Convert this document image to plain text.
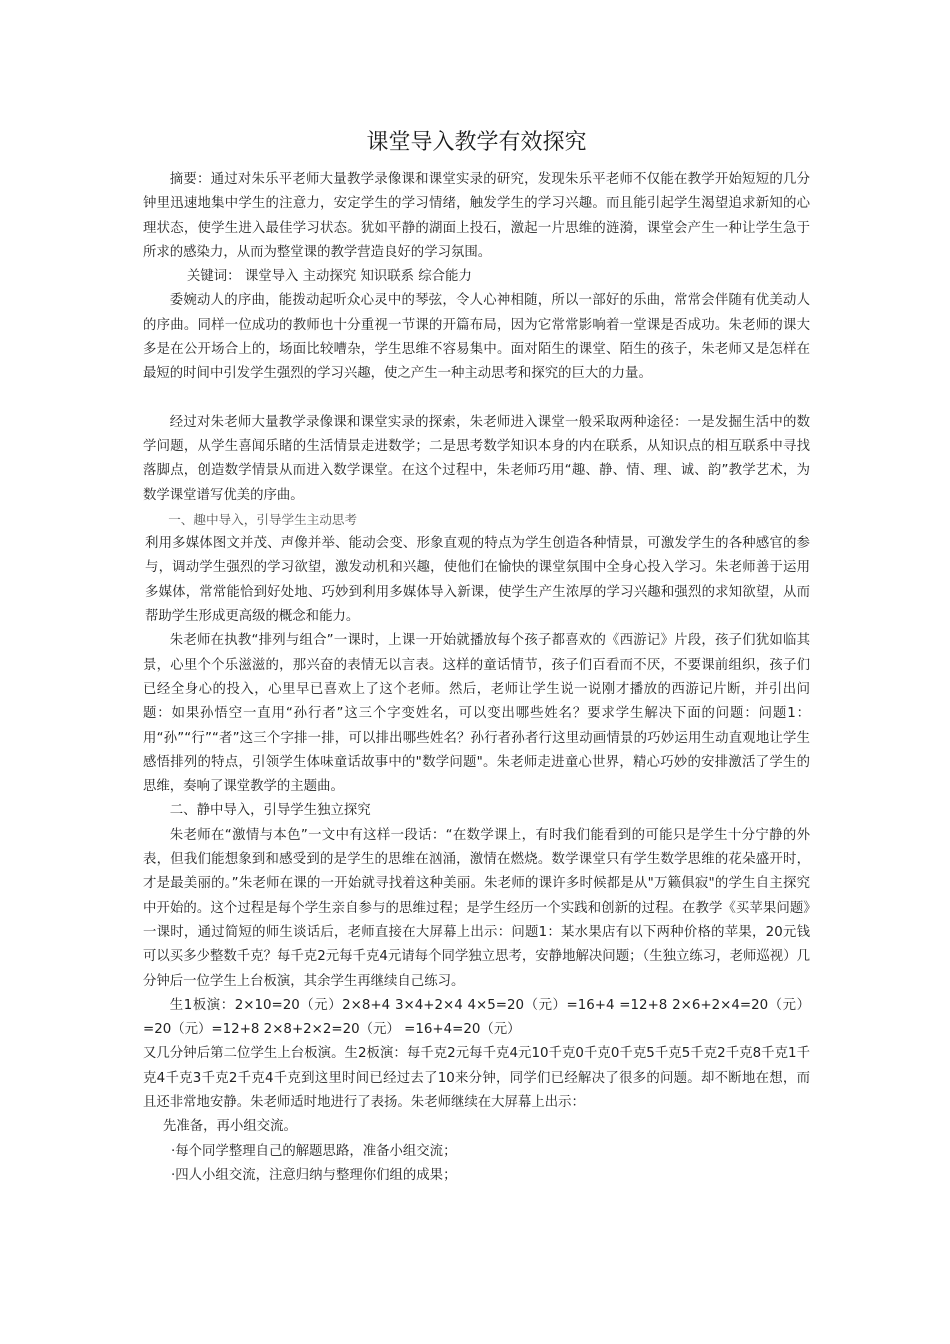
课堂导入教学有效探究

摘要：通过对朱乐平老师大量教学录像课和课堂实录的研究，发现朱乐平老师不仅能在教学开始短短的几分钟里迅速地集中学生的注意力，安定学生的学习情绪，触发学生的学习兴趣。而且能引起学生渴望追求新知的心理状态，使学生进入最佳学习状态。犹如平静的湖面上投石，激起一片思维的涟漪，课堂会产生一种让学生急于所求的感染力，从而为整堂课的教学营造良好的学习氛围。

关键词： 课堂导入 主动探究 知识联系 综合能力

委婉动人的序曲，能拨动起听众心灵中的琴弦，令人心神相随，所以一部好的乐曲，常常会伴随有优美动人的序曲。同样一位成功的教师也十分重视一节课的开篇布局，因为它常常影响着一堂课是否成功。朱老师的课大多是在公开场合上的，场面比较嘈杂，学生思维不容易集中。面对陌生的课堂、陌生的孩子，朱老师又是怎样在最短的时间中引发学生强烈的学习兴趣，使之产生一种主动思考和探究的巨大的力量。

经过对朱老师大量教学录像课和课堂实录的探索，朱老师进入课堂一般采取两种途径：一是发掘生活中的数学问题，从学生喜闻乐睹的生活情景走进数学；二是思考数学知识本身的内在联系，从知识点的相互联系中寻找落脚点，创造数学情景从而进入数学课堂。在这个过程中，朱老师巧用“趣、静、情、理、诚、韵”教学艺术，为数学课堂谱写优美的序曲。

一、趣中导入，引导学生主动思考

利用多媒体图文并茂、声像并举、能动会变、形象直观的特点为学生创造各种情景，可激发学生的各种感官的参与，调动学生强烈的学习欲望，激发动机和兴趣，使他们在愉快的课堂氛围中全身心投入学习。朱老师善于运用多媒体，常常能恰到好处地、巧妙到利用多媒体导入新课，使学生产生浓厚的学习兴趣和强烈的求知欲望，从而帮助学生形成更高级的概念和能力。

朱老师在执教“排列与组合”一课时，上课一开始就播放每个孩子都喜欢的《西游记》片段，孩子们犹如临其景，心里个个乐滋滋的，那兴奋的表情无以言表。这样的童话情节，孩子们百看而不厌，不要课前组织，孩子们已经全身心的投入，心里早已喜欢上了这个老师。然后，老师让学生说一说刚才播放的西游记片断，并引出问题：如果孙悟空一直用“孙行者”这三个字变姓名，可以变出哪些姓名？要求学生解决下面的问题：问题1：用“孙”“行”“者”这三个字排一排，可以排出哪些姓名？孙行者孙者行这里动画情景的巧妙运用生动直观地让学生感悟排列的特点，引领学生体味童话故事中的"数学问题"。朱老师走进童心世界，精心巧妙的安排激活了学生的思维，奏响了课堂教学的主题曲。

二、静中导入，引导学生独立探究

朱老师在“激情与本色”一文中有这样一段话：“在数学课上，有时我们能看到的可能只是学生十分宁静的外表，但我们能想象到和感受到的是学生的思维在汹涌，激情在燃烧。数学课堂只有学生数学思维的花朵盛开时，才是最美丽的。”朱老师在课的一开始就寻找着这种美丽。朱老师的课许多时候都是从"万籁俱寂"的学生自主探究中开始的。这个过程是每个学生亲自参与的思维过程；是学生经历一个实践和创新的过程。在教学《买苹果问题》一课时，通过简短的师生谈话后，老师直接在大屏幕上出示：问题1：某水果店有以下两种价格的苹果，20元钱可以买多少整数千克？每千克2元每千克4元请每个同学独立思考，安静地解决问题；（生独立练习，老师巡视）几分钟后一位学生上台板演，其余学生再继续自己练习。

生1板演：2×10=20（元）2×8+4 3×4+2×4 4×5=20（元）=16+4 =12+8 2×6+2×4=20（元） =20（元）=12+8 2×8+2×2=20（元） =16+4=20（元）

又几分钟后第二位学生上台板演。生2板演：每千克2元每千克4元10千克0千克0千克5千克5千克2千克8千克1千克4千克3千克2千克4千克到这里时间已经过去了10来分钟，同学们已经解决了很多的问题。却不断地在想，而且还非常地安静。朱老师适时地进行了表扬。朱老师继续在大屏幕上出示：

先准备，再小组交流。

·每个同学整理自己的解题思路，准备小组交流；

·四人小组交流，注意归纳与整理你们组的成果；
